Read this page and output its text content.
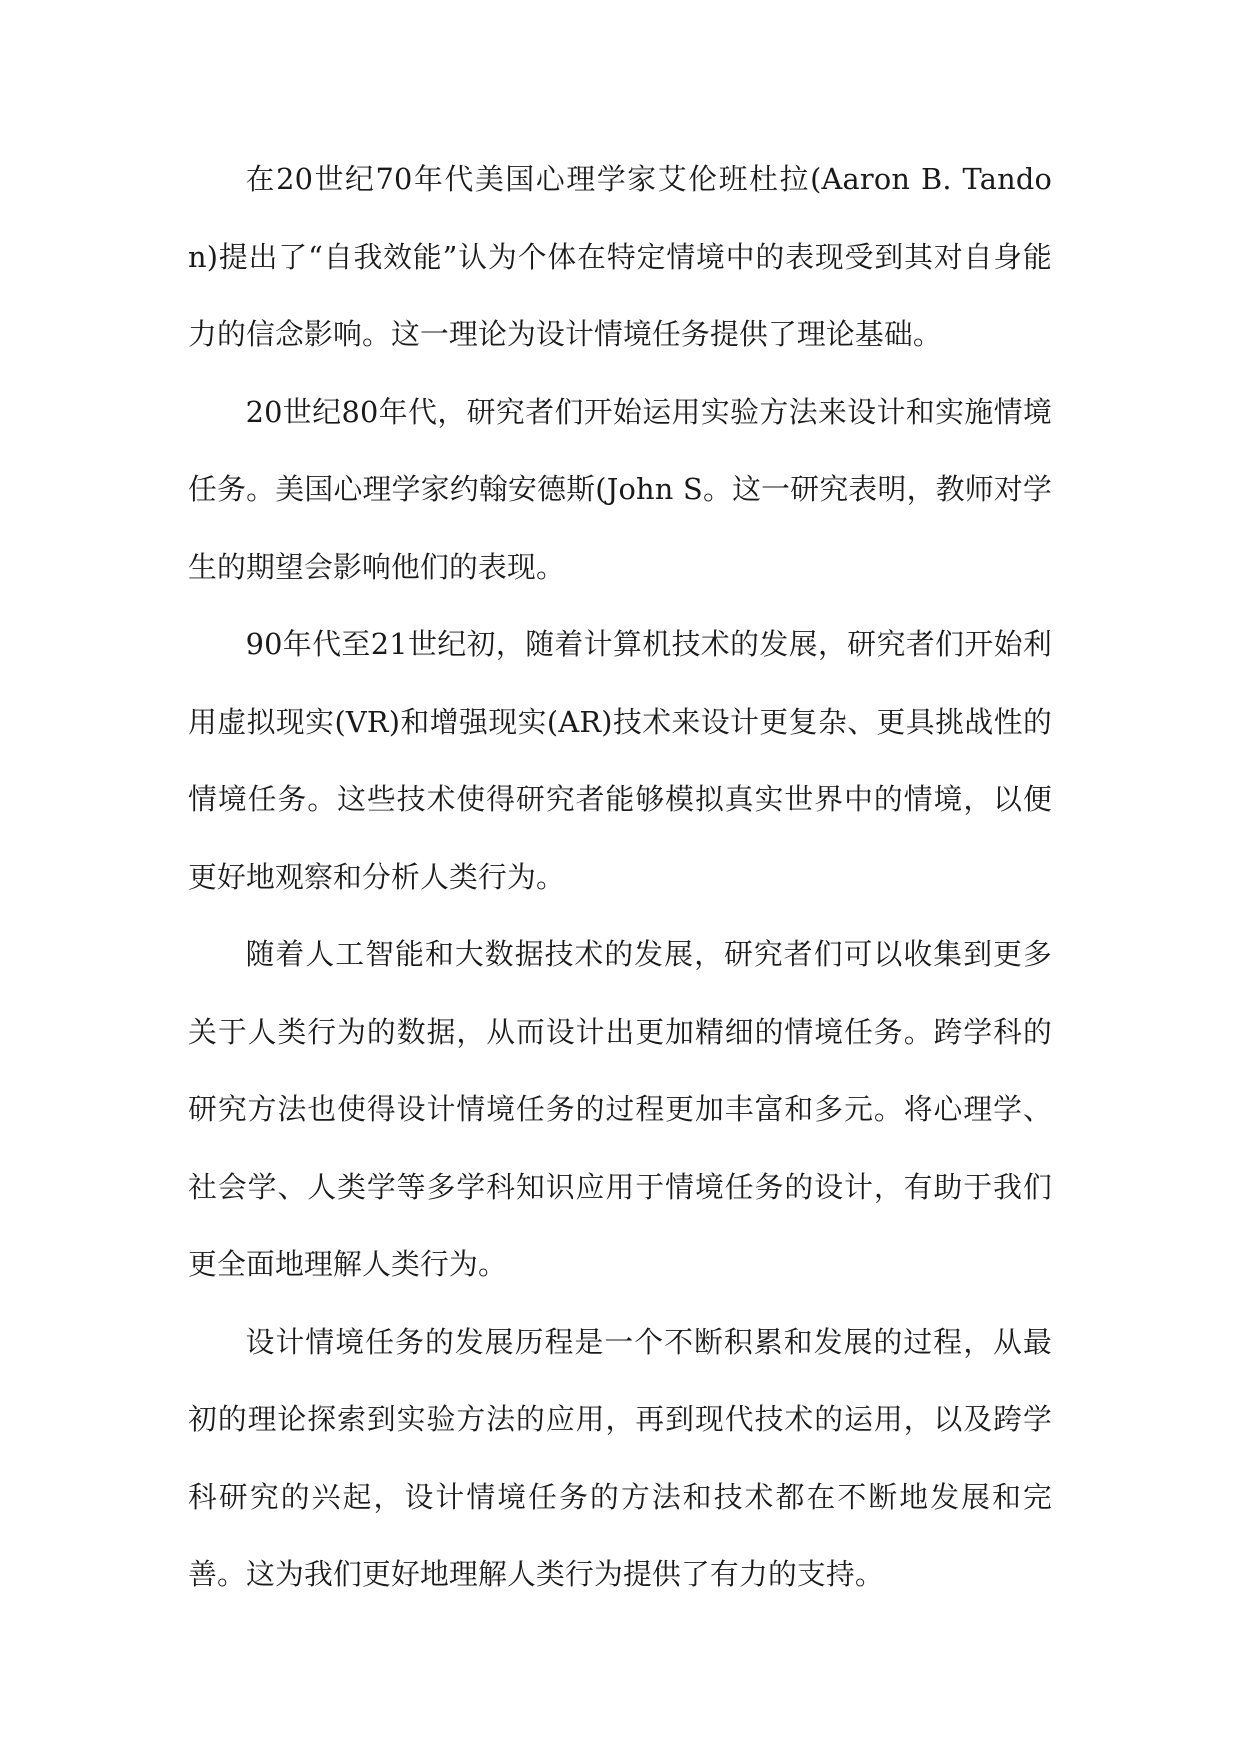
在20世纪70年代美国心理学家艾伦班杜拉(Aaron B. Tandon)提出了“自我效能”认为个体在特定情境中的表现受到其对自身能力的信念影响。这一理论为设计情境任务提供了理论基础。

20世纪80年代，研究者们开始运用实验方法来设计和实施情境任务。美国心理学家约翰安德斯(John S。这一研究表明，教师对学生的期望会影响他们的表现。

90年代至21世纪初，随着计算机技术的发展，研究者们开始利用虚拟现实(VR)和增强现实(AR)技术来设计更复杂、更具挑战性的情境任务。这些技术使得研究者能够模拟真实世界中的情境，以便更好地观察和分析人类行为。

随着人工智能和大数据技术的发展，研究者们可以收集到更多关于人类行为的数据，从而设计出更加精细的情境任务。跨学科的研究方法也使得设计情境任务的过程更加丰富和多元。将心理学、社会学、人类学等多学科知识应用于情境任务的设计，有助于我们更全面地理解人类行为。

设计情境任务的发展历程是一个不断积累和发展的过程，从最初的理论探索到实验方法的应用，再到现代技术的运用，以及跨学科研究的兴起，设计情境任务的方法和技术都在不断地发展和完善。这为我们更好地理解人类行为提供了有力的支持。
